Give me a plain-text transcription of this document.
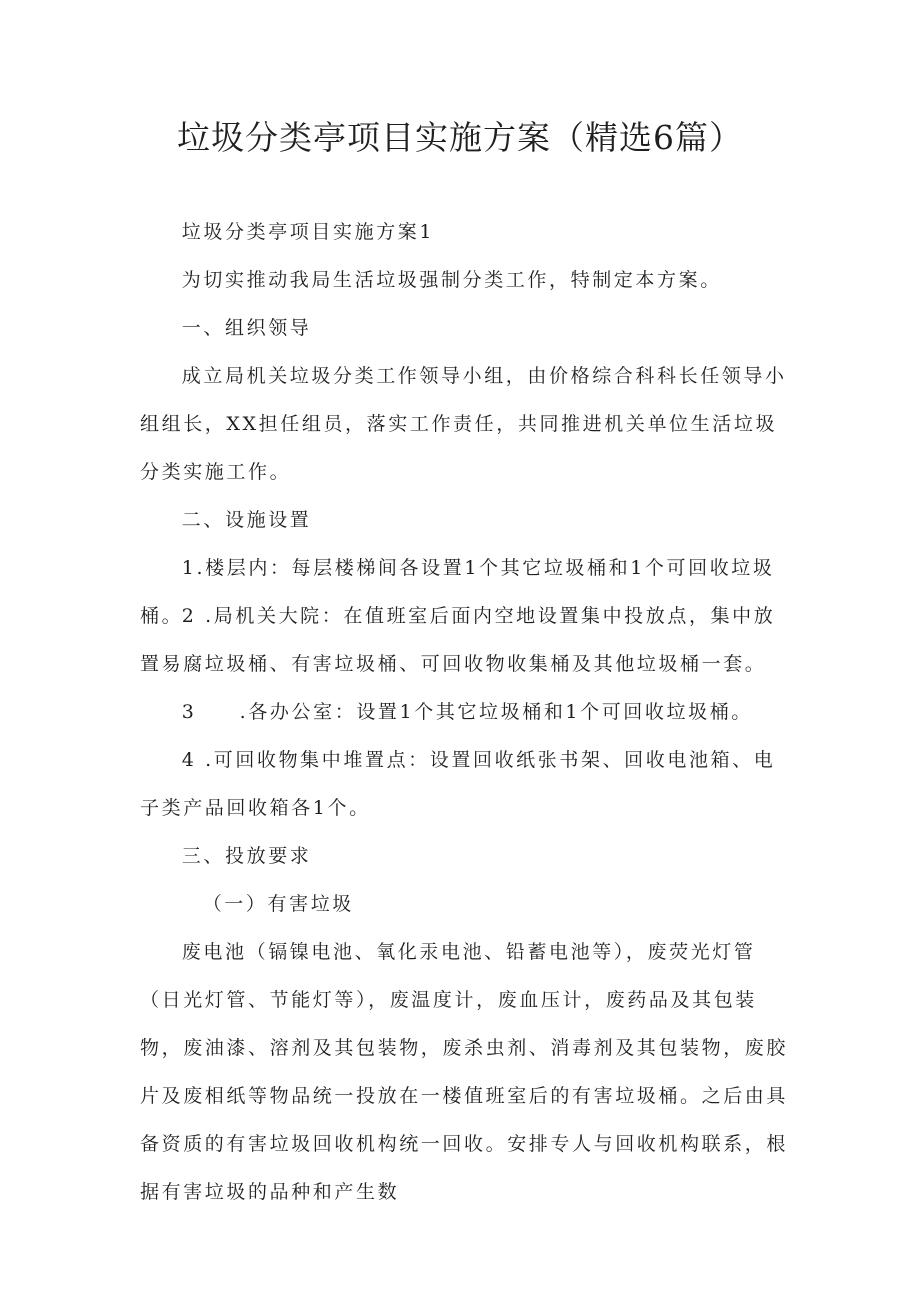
垃圾分类亭项目实施方案（精选6篇）

垃圾分类亭项目实施方案1

为切实推动我局生活垃圾强制分类工作，特制定本方案。

一、组织领导

成立局机关垃圾分类工作领导小组，由价格综合科科长任领导小组组长，XX担任组员，落实工作责任，共同推进机关单位生活垃圾分类实施工作。

二、设施设置

1.楼层内：每层楼梯间各设置1个其它垃圾桶和1个可回收垃圾桶。

2 .局机关大院：在值班室后面内空地设置集中投放点，集中放置易腐垃圾桶、有害垃圾桶、可回收物收集桶及其他垃圾桶一套。

3　　.各办公室：设置1个其它垃圾桶和1个可回收垃圾桶。

4 .可回收物集中堆置点：设置回收纸张书架、回收电池箱、电子类产品回收箱各1个。

三、投放要求

（一）有害垃圾

废电池（镉镍电池、氧化汞电池、铅蓄电池等），废荧光灯管（日光灯管、节能灯等），废温度计，废血压计，废药品及其包装物，废油漆、溶剂及其包装物，废杀虫剂、消毒剂及其包装物，废胶片及废相纸等物品统一投放在一楼值班室后的有害垃圾桶。之后由具备资质的有害垃圾回收机构统一回收。安排专人与回收机构联系，根据有害垃圾的品种和产生数
